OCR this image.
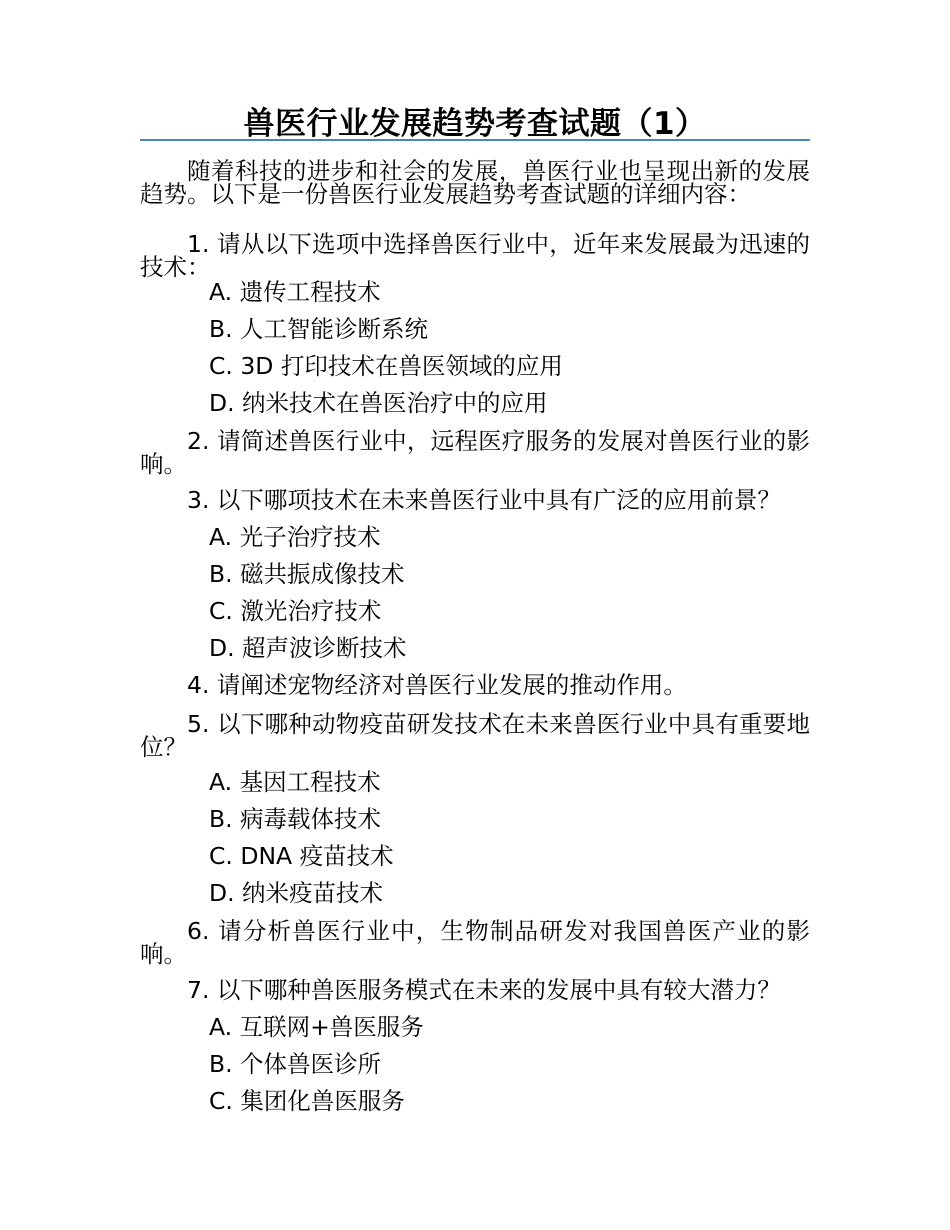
兽医行业发展趋势考查试题（1）
随着科技的进步和社会的发展，兽医行业也呈现出新的发展趋势。以下是一份兽医行业发展趋势考查试题的详细内容：
1. 请从以下选项中选择兽医行业中，近年来发展最为迅速的技术：
A. 遗传工程技术
B. 人工智能诊断系统
C. 3D 打印技术在兽医领域的应用
D. 纳米技术在兽医治疗中的应用
2. 请简述兽医行业中，远程医疗服务的发展对兽医行业的影响。
3. 以下哪项技术在未来兽医行业中具有广泛的应用前景？
A. 光子治疗技术
B. 磁共振成像技术
C. 激光治疗技术
D. 超声波诊断技术
4. 请阐述宠物经济对兽医行业发展的推动作用。
5. 以下哪种动物疫苗研发技术在未来兽医行业中具有重要地位？
A. 基因工程技术
B. 病毒载体技术
C. DNA 疫苗技术
D. 纳米疫苗技术
6. 请分析兽医行业中，生物制品研发对我国兽医产业的影响。
7. 以下哪种兽医服务模式在未来的发展中具有较大潜力？
A. 互联网+兽医服务
B. 个体兽医诊所
C. 集团化兽医服务
